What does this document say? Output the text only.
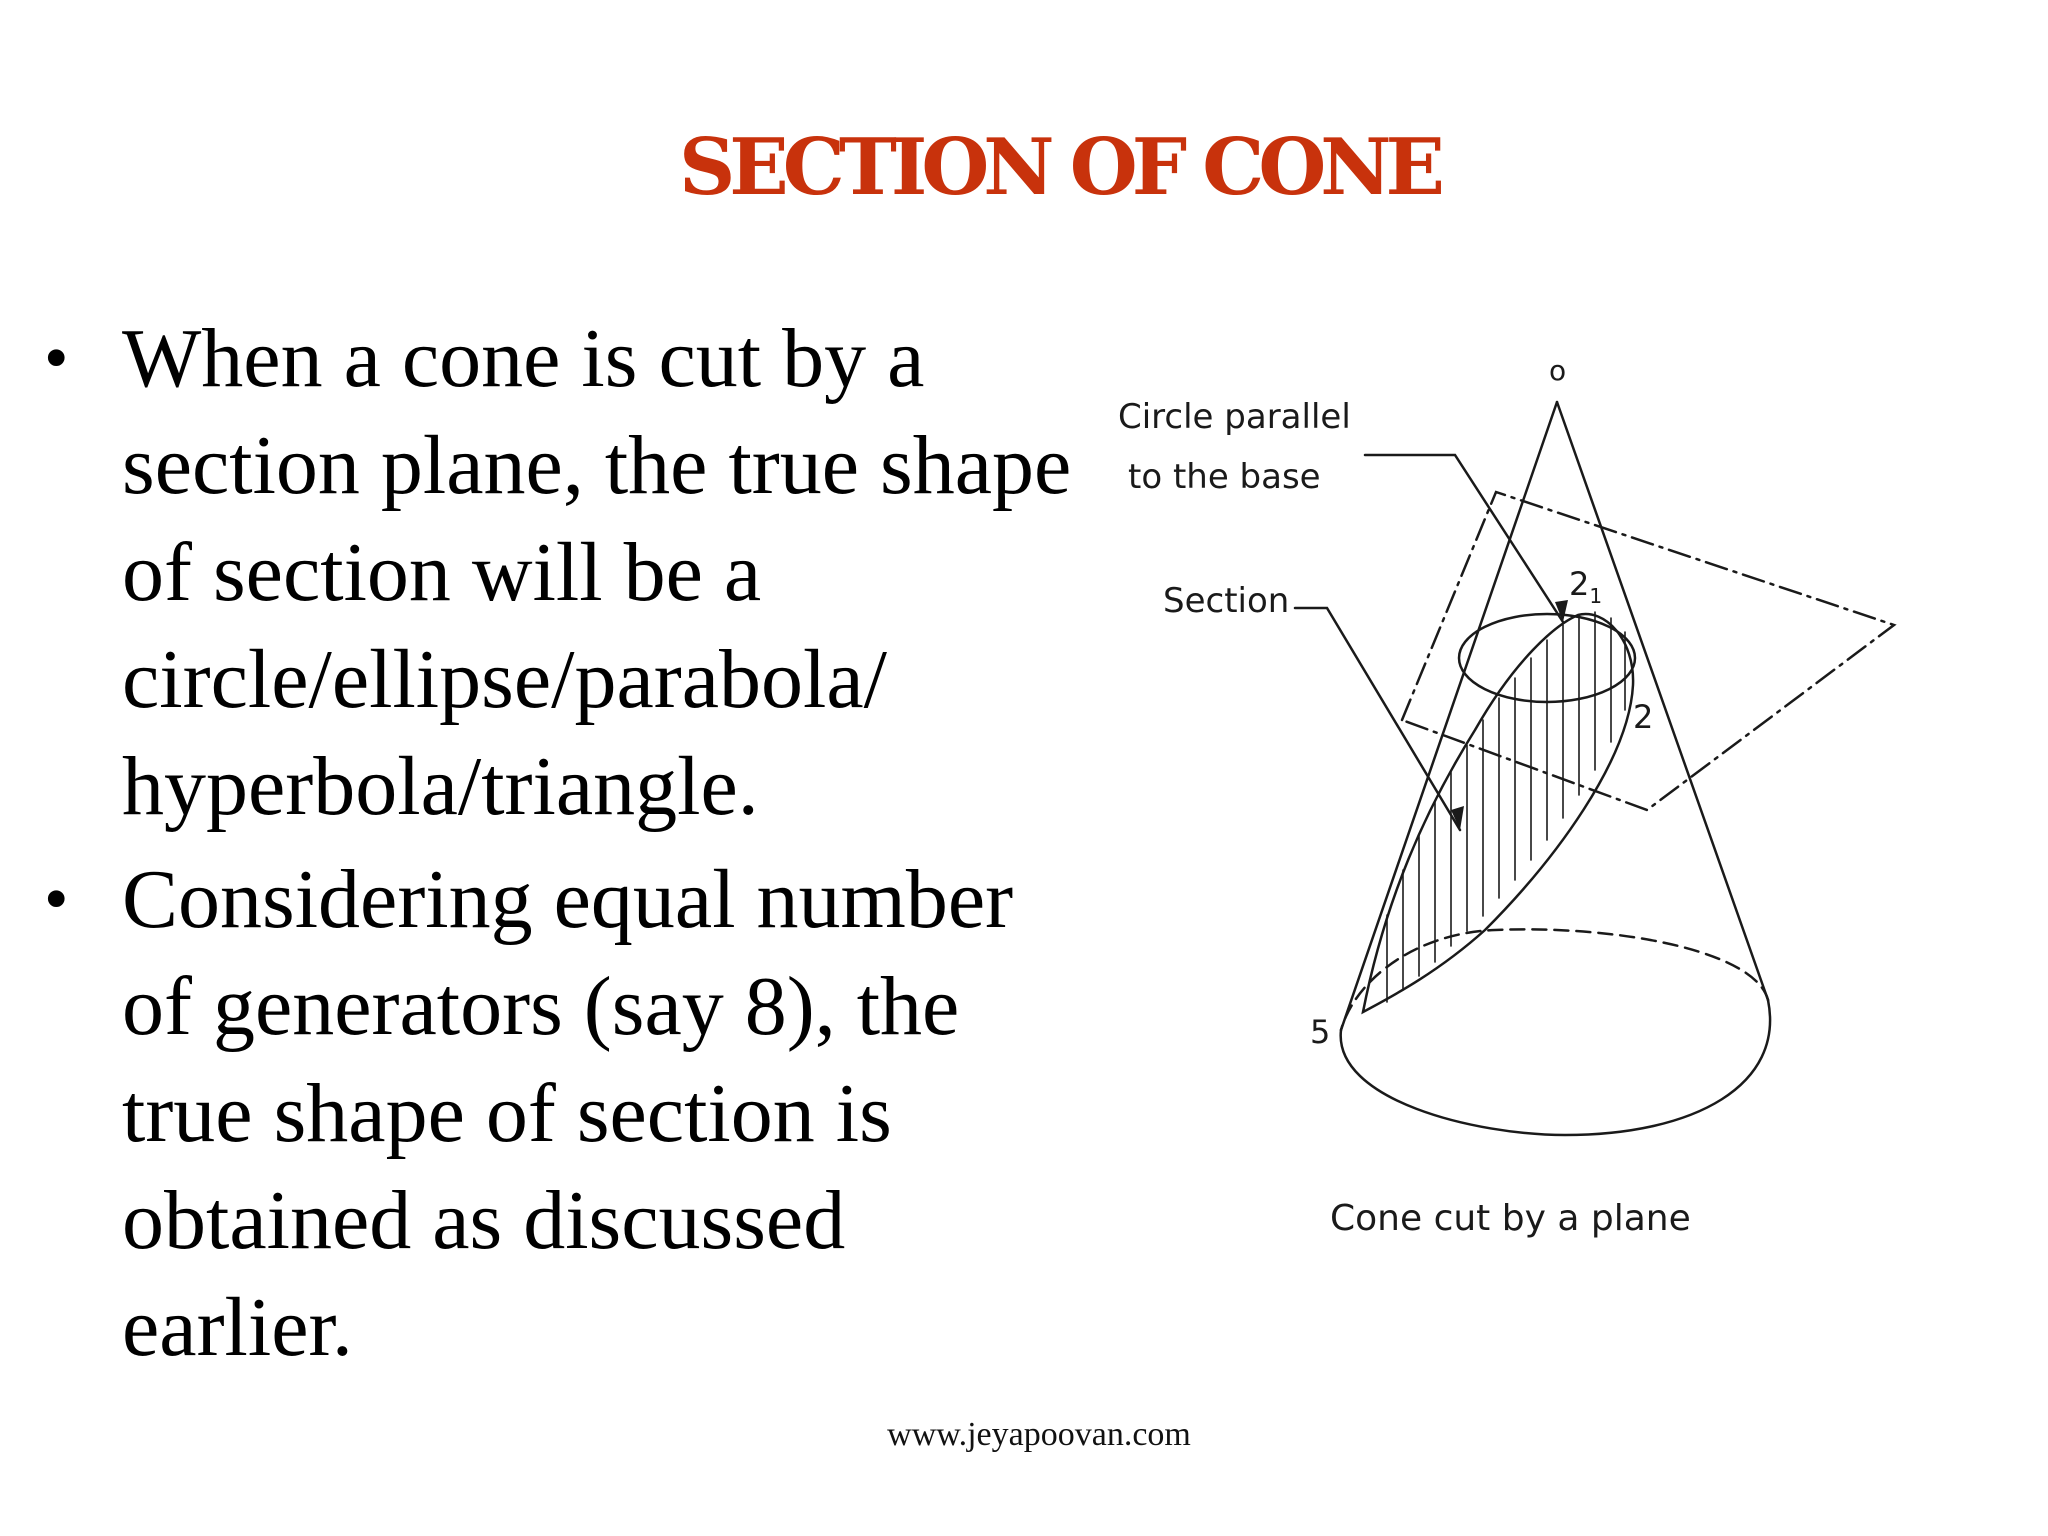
SECTION OF CONE
• When a cone is cut by a section plane, the true shape of section will be a circle/ellipse/parabola/ hyperbola/triangle.
• Considering equal number of generators (say 8), the true shape of section is obtained as discussed earlier.
o
Circle parallel
to the base
Section	$2_1$
2
5
Cone cut by a plane
www.jeyapoovan.com
